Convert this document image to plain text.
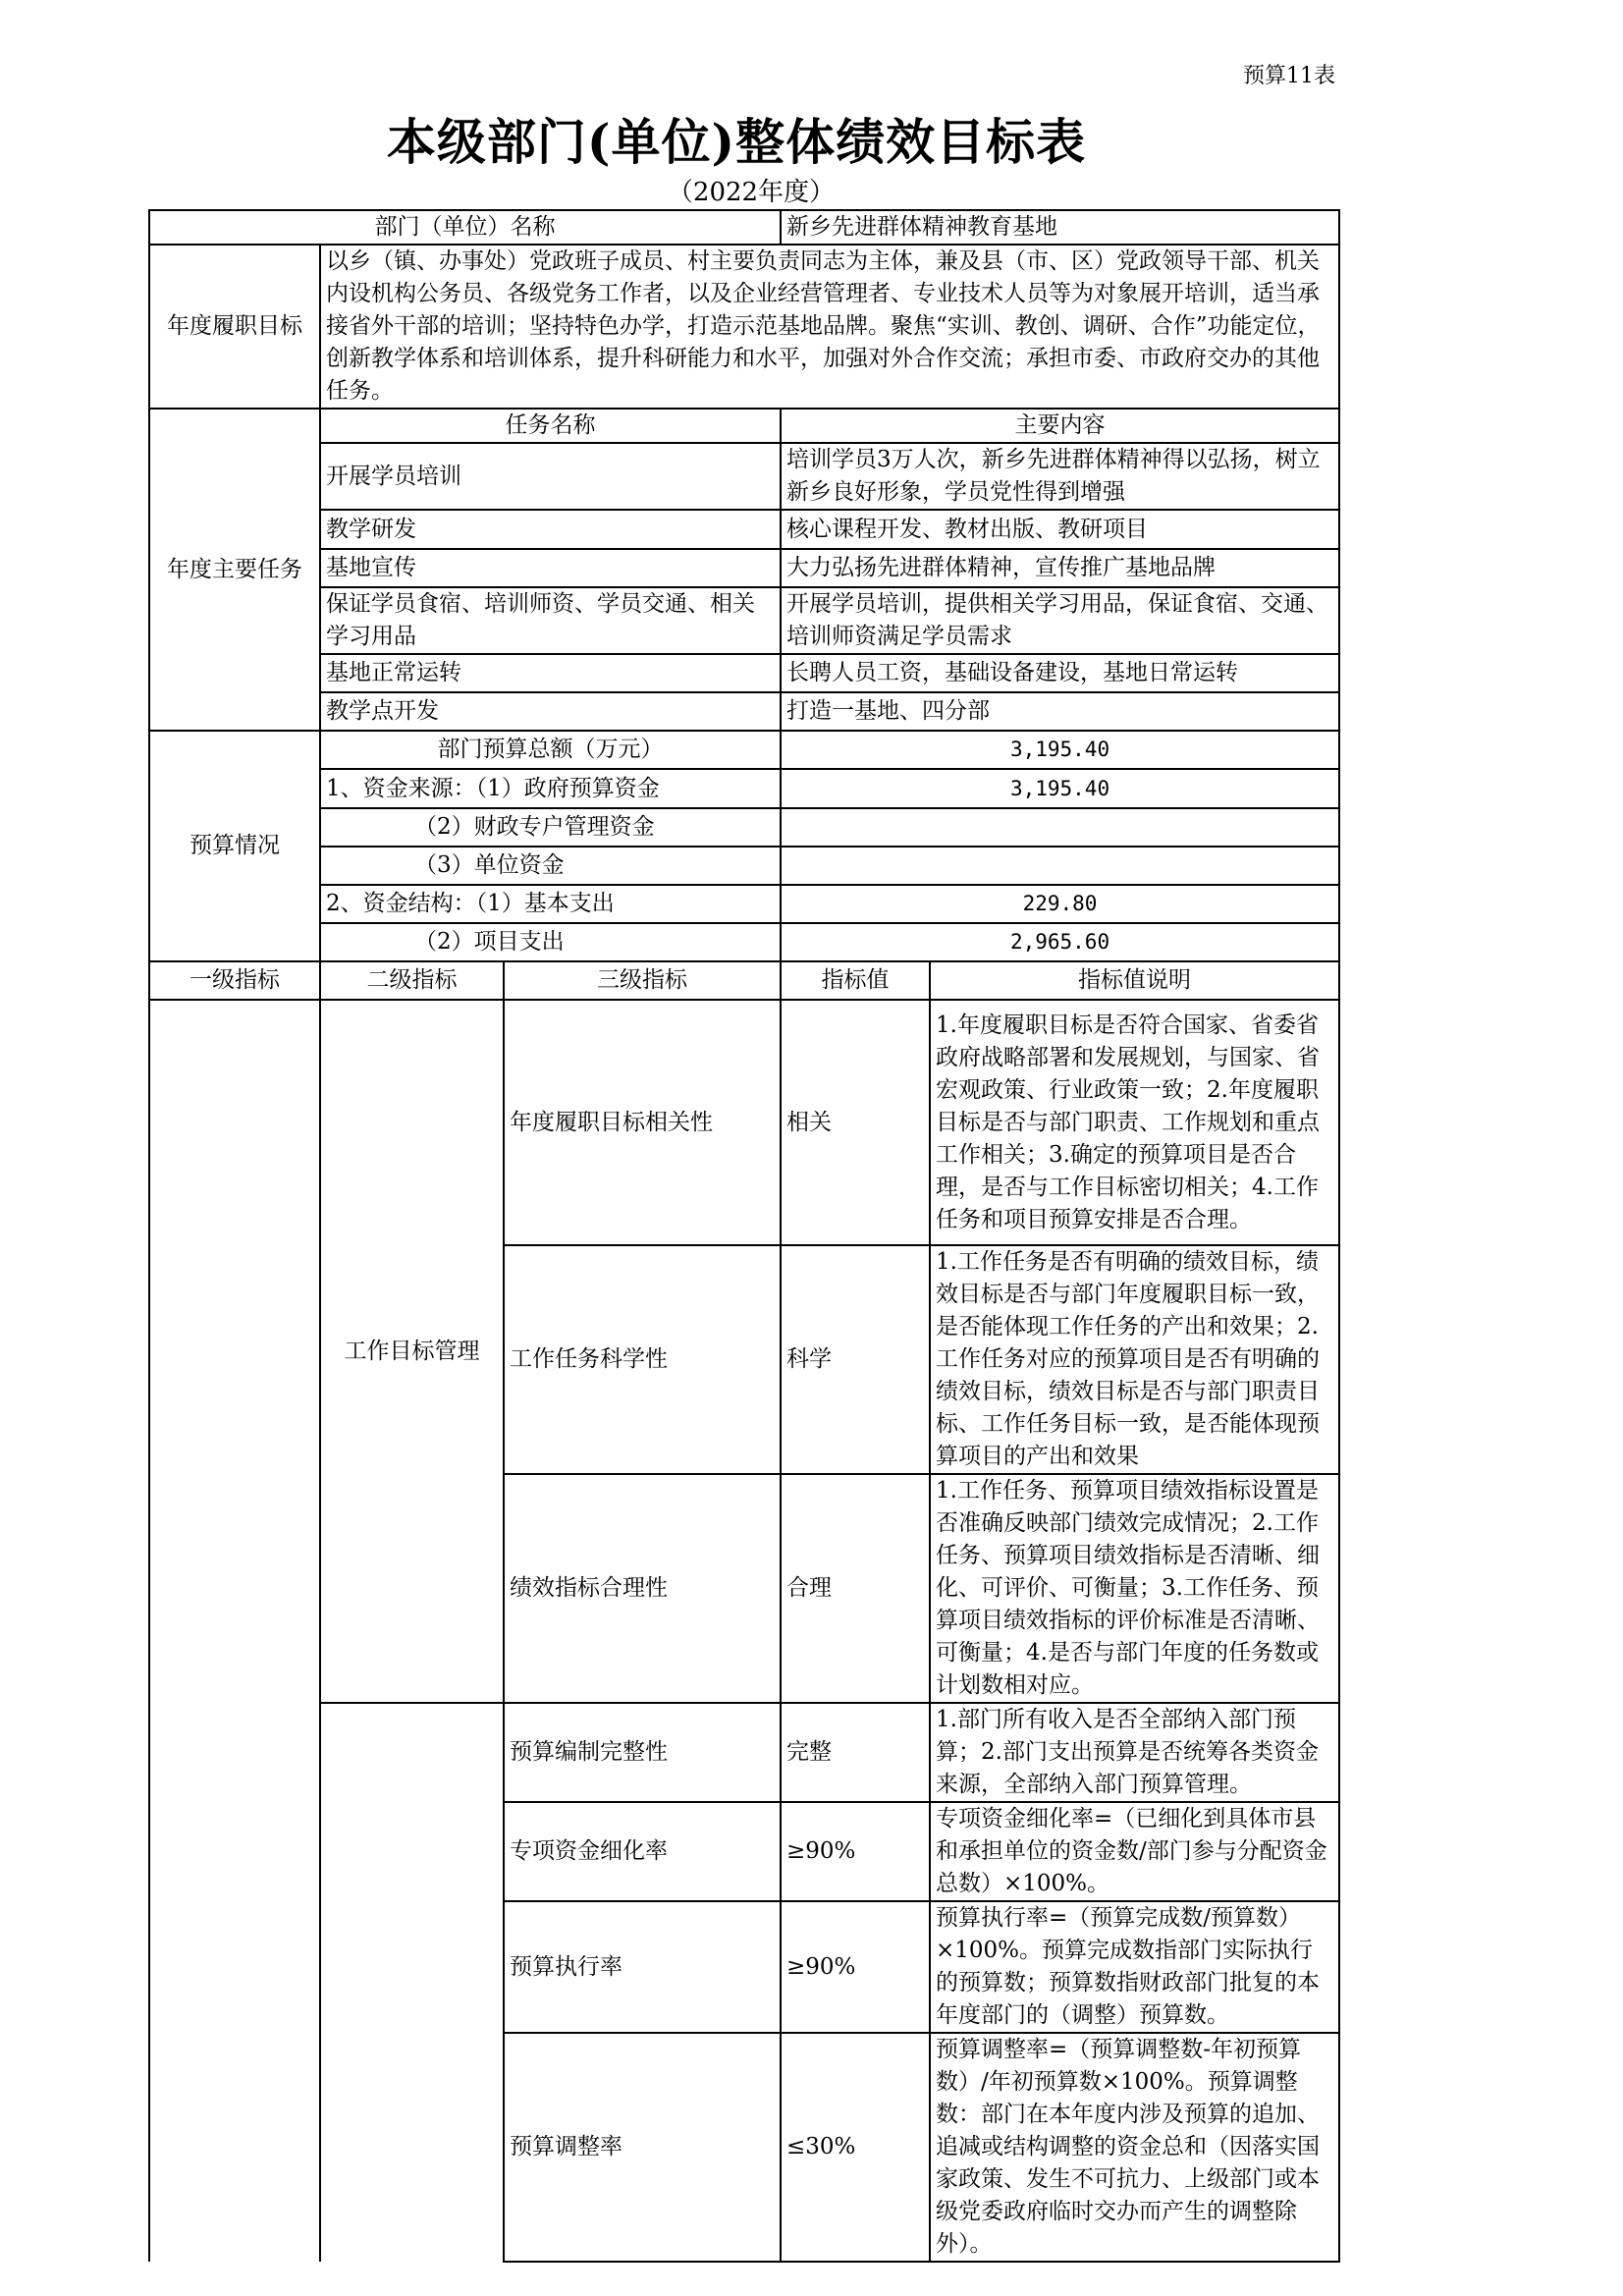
预算11表
本级部门(单位)整体绩效目标表
（2022年度）
部门（单位）名称			新乡先进群体精神教育基地	
年度履职目标	以乡（镇、办事处）党政班子成员、村主要负责同志为主体，兼及县（市、区）党政领导干部、机关内设机构公务员、各级党务工作者，以及企业经营管理者、专业技术人员等为对象展开培训，适当承接省外干部的培训；坚持特色办学，打造示范基地品牌。聚焦“实训、教创、调研、合作”功能定位，创新教学体系和培训体系，提升科研能力和水平，加强对外合作交流；承担市委、市政府交办的其他任务。			
年度主要任务	任务名称		主要内容	
	开展学员培训		培训学员3万人次，新乡先进群体精神得以弘扬，树立新乡良好形象，学员党性得到增强	
	教学研发		核心课程开发、教材出版、教研项目	
	基地宣传		大力弘扬先进群体精神，宣传推广基地品牌	
	保证学员食宿、培训师资、学员交通、相关学习用品		开展学员培训，提供相关学习用品，保证食宿、交通、培训师资满足学员需求	
	基地正常运转		长聘人员工资，基础设备建设，基地日常运转	
	教学点开发		打造一基地、四分部	
预算情况	部门预算总额（万元）		3,195.40	
	1、资金来源：（1）政府预算资金		3,195.40	
	（2）财政专户管理资金			
	（3）单位资金			
	2、资金结构：（1）基本支出		229.80	
	（2）项目支出		2,965.60	
一级指标	二级指标	三级指标	指标值	指标值说明
	工作目标管理	年度履职目标相关性	相关	1.年度履职目标是否符合国家、省委省政府战略部署和发展规划，与国家、省宏观政策、行业政策一致；2.年度履职目标是否与部门职责、工作规划和重点工作相关；3.确定的预算项目是否合理，是否与工作目标密切相关；4.工作任务和项目预算安排是否合理。
		工作任务科学性	科学	1.工作任务是否有明确的绩效目标，绩效目标是否与部门年度履职目标一致，是否能体现工作任务的产出和效果；2.工作任务对应的预算项目是否有明确的绩效目标，绩效目标是否与部门职责目标、工作任务目标一致，是否能体现预算项目的产出和效果
		绩效指标合理性	合理	1.工作任务、预算项目绩效指标设置是否准确反映部门绩效完成情况；2.工作任务、预算项目绩效指标是否清晰、细化、可评价、可衡量；3.工作任务、预算项目绩效指标的评价标准是否清晰、可衡量；4.是否与部门年度的任务数或计划数相对应。
		预算编制完整性	完整	1.部门所有收入是否全部纳入部门预算；2.部门支出预算是否统筹各类资金来源，全部纳入部门预算管理。
		专项资金细化率	≥90%	专项资金细化率=（已细化到具体市县和承担单位的资金数/部门参与分配资金总数）×100%。
		预算执行率	≥90%	预算执行率=（预算完成数/预算数）×100%。预算完成数指部门实际执行的预算数；预算数指财政部门批复的本年度部门的（调整）预算数。
		预算调整率	≤30%	预算调整率=（预算调整数-年初预算数）/年初预算数×100%。预算调整数：部门在本年度内涉及预算的追加、追减或结构调整的资金总和（因落实国家政策、发生不可抗力、上级部门或本级党委政府临时交办而产生的调整除外）。
